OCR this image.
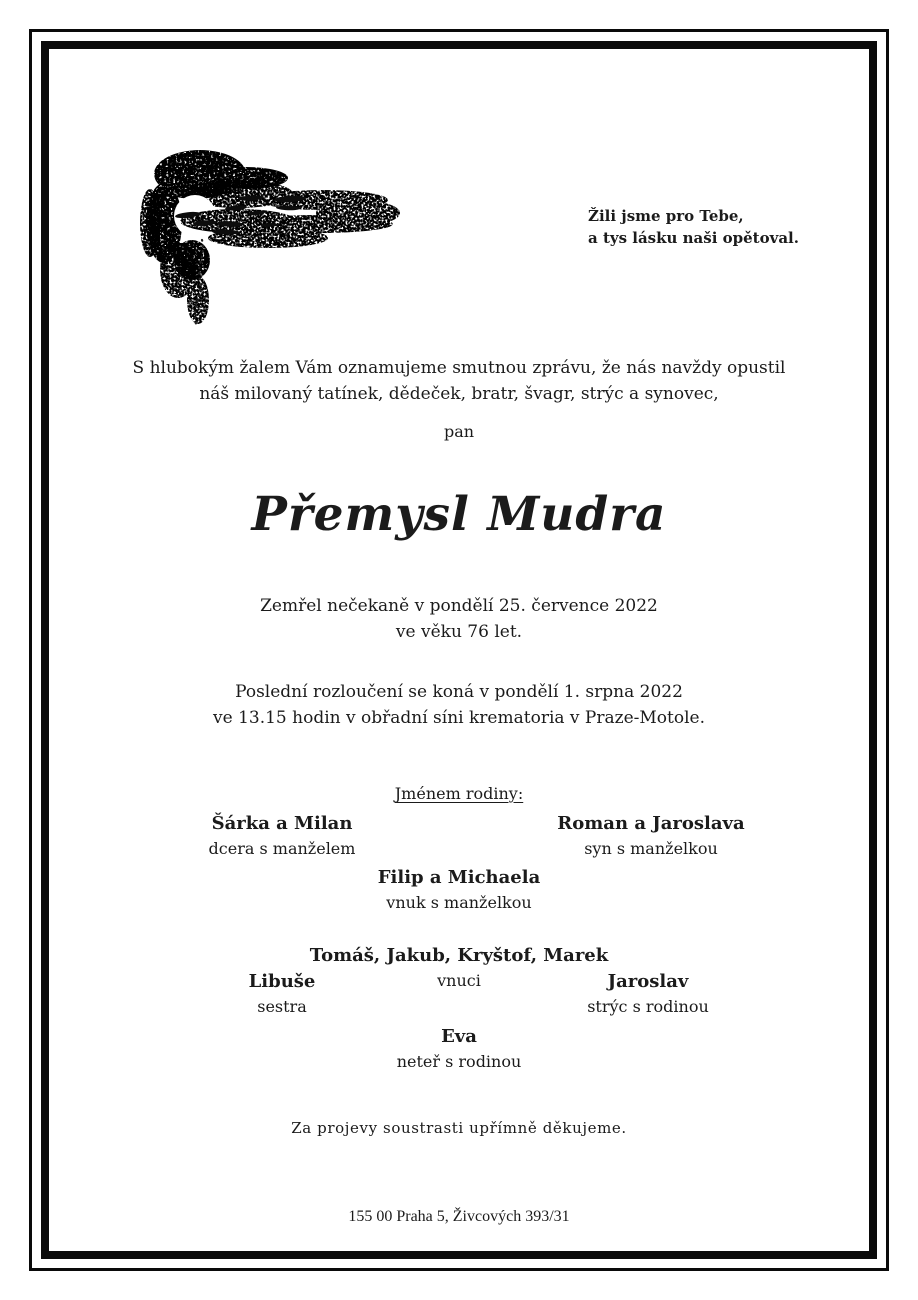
Žili jsme pro Tebe,
a tys lásku naši opětoval.
S hlubokým žalem Vám oznamujeme smutnou zprávu, že nás navždy opustil
náš milovaný tatínek, dědeček, bratr, švagr, strýc a synovec,
pan
Přemysl Mudra
Zemřel nečekaně v pondělí 25. července 2022
ve věku 76 let.
Poslední rozloučení se koná v pondělí 1. srpna 2022
ve 13.15 hodin v obřadní síni krematoria v Praze-Motole.
Jménem rodiny:
Šárka a Milan
dcera s manželem
Roman a Jaroslava
syn s manželkou
Filip a Michaela
vnuk s manželkou
Tomáš, Jakub, Kryštof, Marek
vnuci
Libuše
sestra
Jaroslav
strýc s rodinou
Eva
neteř s rodinou
Za projevy soustrasti upřímně děkujeme.
155 00 Praha 5, Živcových 393/31
